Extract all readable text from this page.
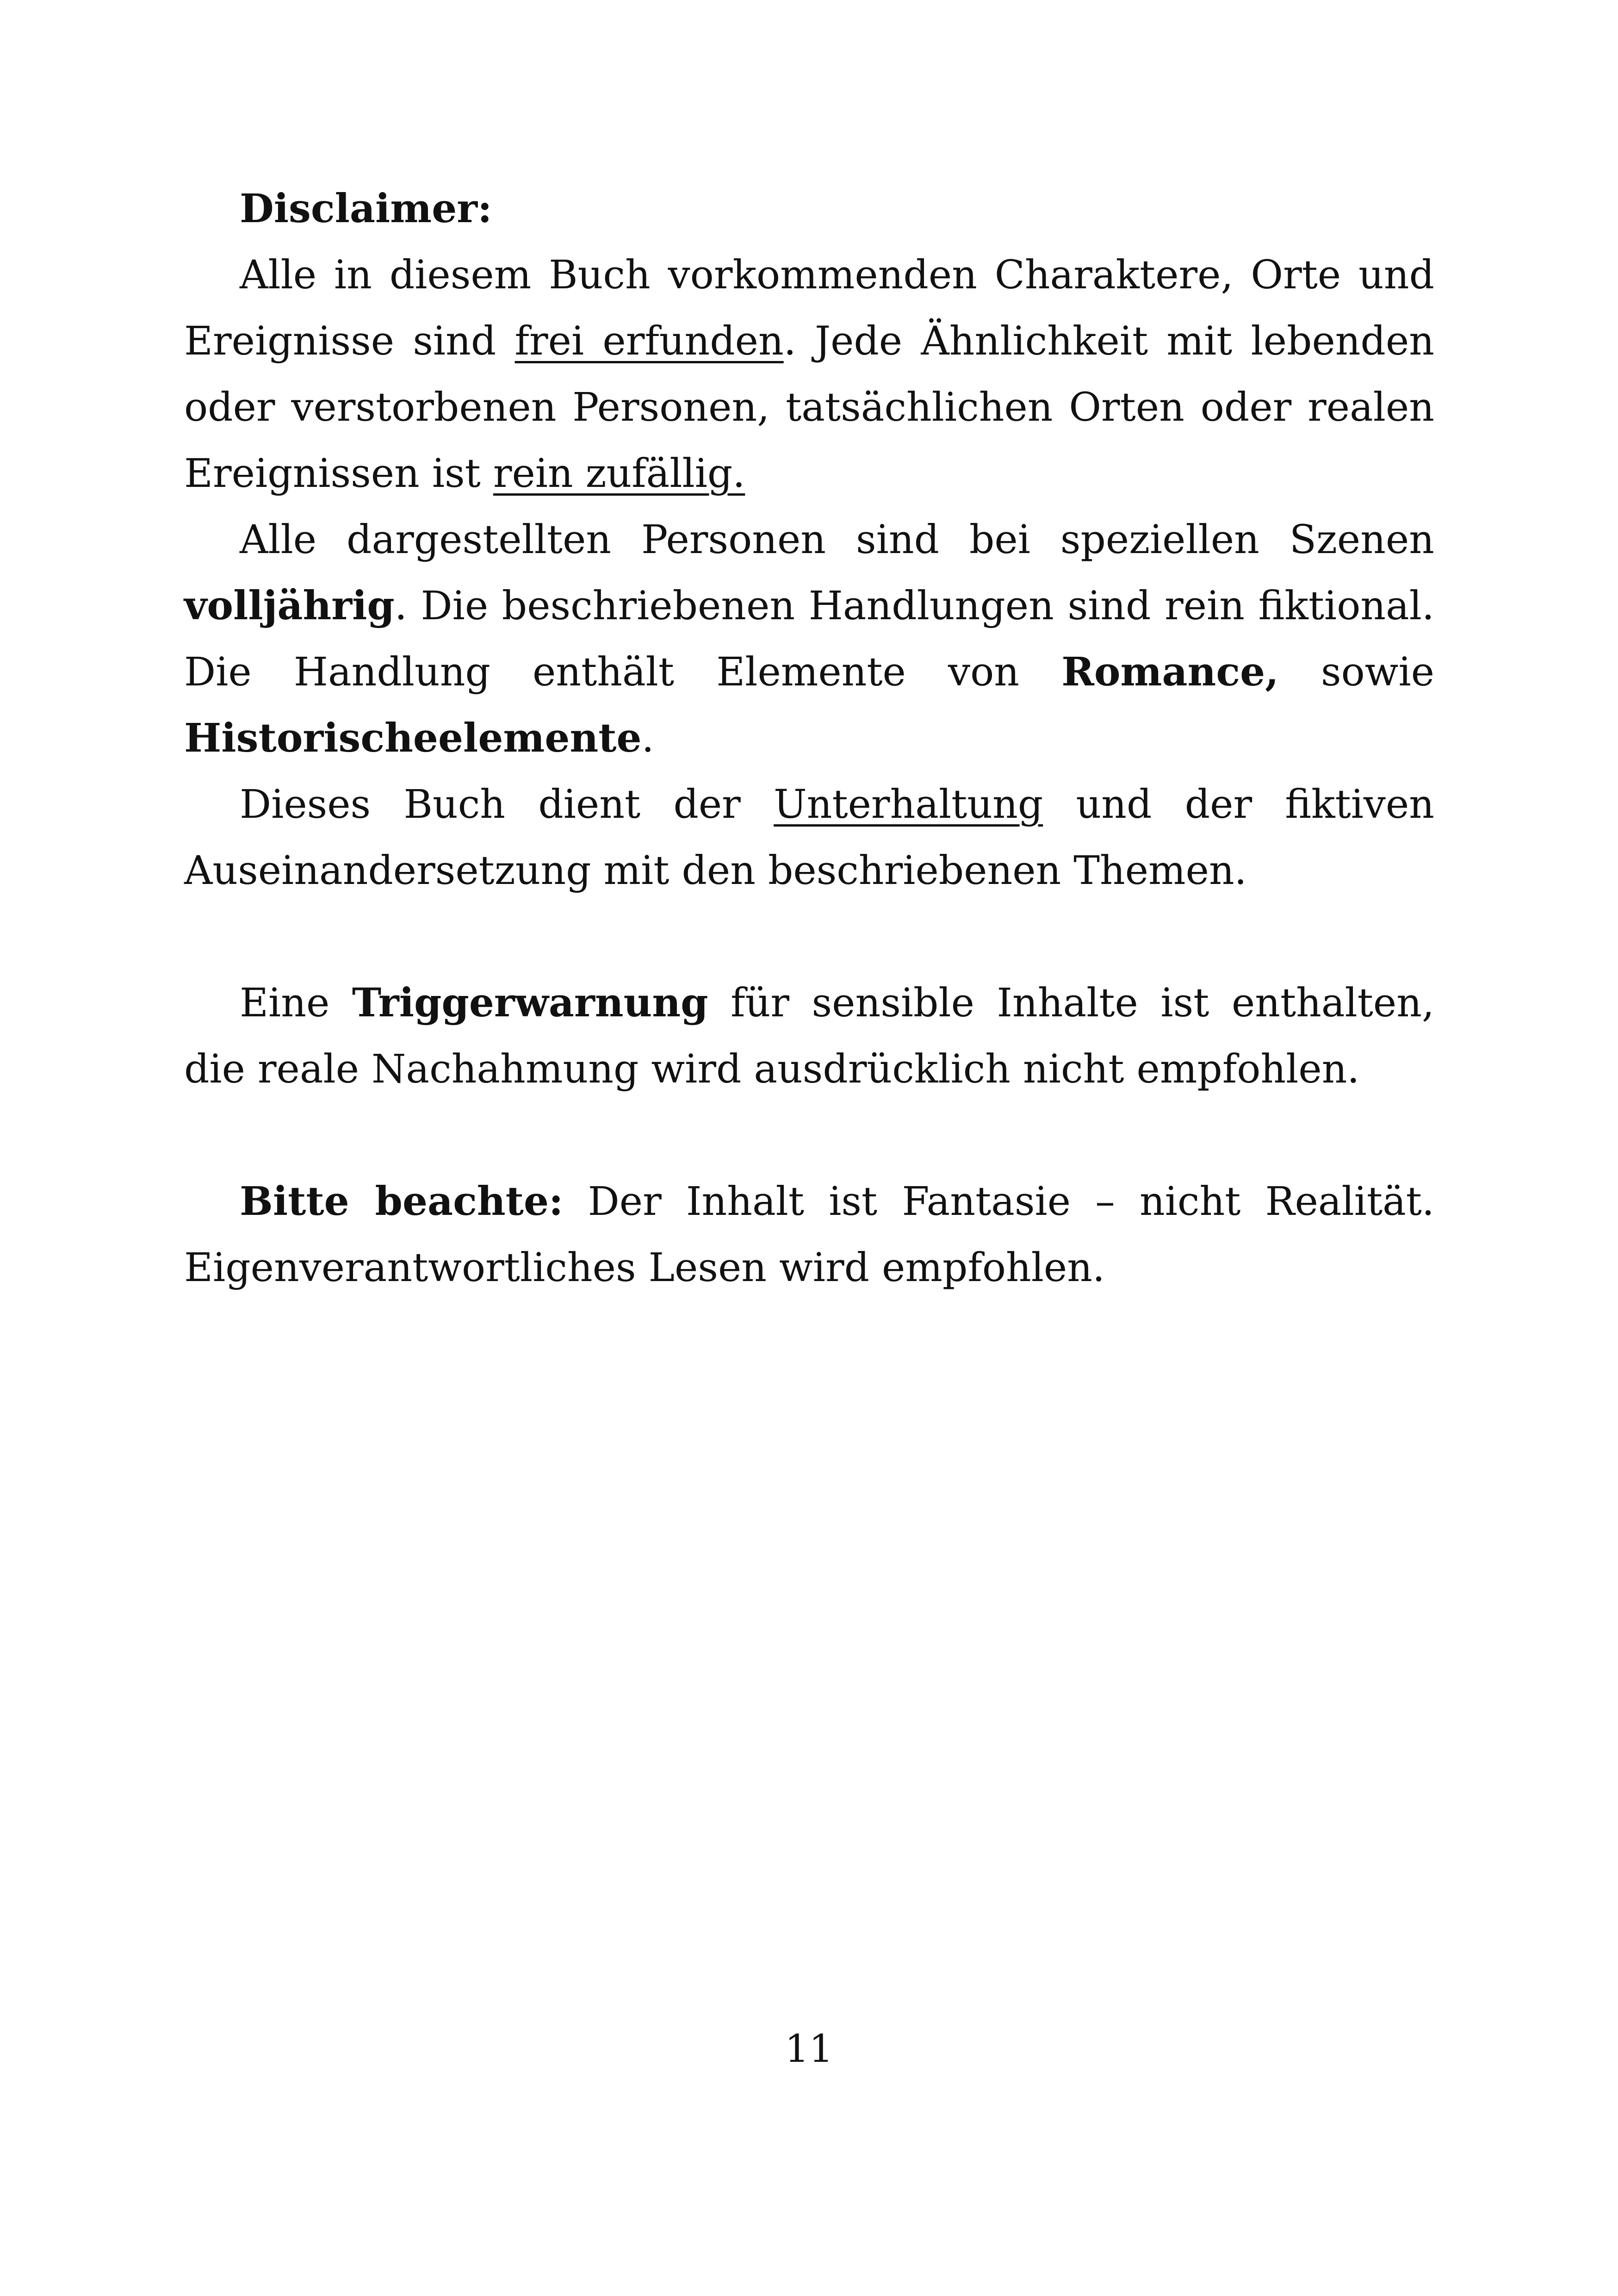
Disclaimer:

Alle in diesem Buch vorkommenden Charaktere, Orte und Ereignisse sind frei erfunden. Jede Ähnlichkeit mit lebenden oder verstorbenen Personen, tatsächlichen Orten oder realen Ereignissen ist rein zufällig.

Alle dargestellten Personen sind bei speziellen Szenen volljährig. Die beschriebenen Handlungen sind rein fiktional. Die Handlung enthält Elemente von Romance, sowie Historischeelemente.

Dieses Buch dient der Unterhaltung und der fiktiven Auseinandersetzung mit den beschriebenen Themen.

Eine Triggerwarnung für sensible Inhalte ist enthalten, die reale Nachahmung wird ausdrücklich nicht empfohlen.

Bitte beachte: Der Inhalt ist Fantasie – nicht Realität. Eigenverantwortliches Lesen wird empfohlen.

11
